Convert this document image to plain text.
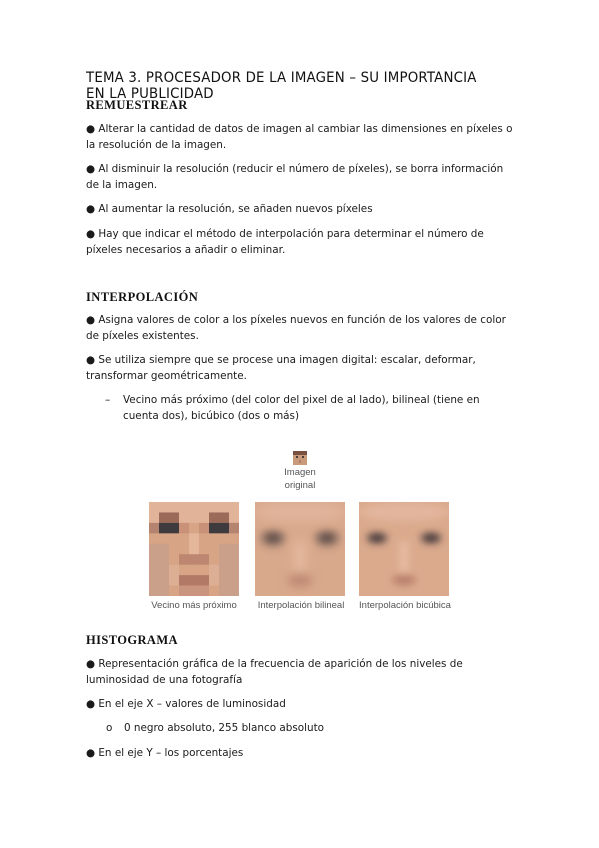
TEMA 3. PROCESADOR DE LA IMAGEN – SU IMPORTANCIA EN LA PUBLICIDAD
REMUESTREAR
● Alterar la cantidad de datos de imagen al cambiar las dimensiones en píxeles o la resolución de la imagen.
● Al disminuir la resolución (reducir el número de píxeles), se borra información de la imagen.
● Al aumentar la resolución, se añaden nuevos píxeles
● Hay que indicar el método de interpolación para determinar el número de píxeles necesarios a añadir o eliminar.
INTERPOLACIÓN
● Asigna valores de color a los píxeles nuevos en función de los valores de color de píxeles existentes.
● Se utiliza siempre que se procese una imagen digital: escalar, deformar, transformar geométricamente.
– Vecino más próximo (del color del pixel de al lado), bilineal (tiene en cuenta dos), bicúbico (dos o más)
Imagen
original
Vecino más próximo	Interpolación bilineal	Interpolación bicúbica
HISTOGRAMA
● Representación gráfica de la frecuencia de aparición de los niveles de luminosidad de una fotografía
● En el eje X – valores de luminosidad
o 0 negro absoluto, 255 blanco absoluto
● En el eje Y – los porcentajes
